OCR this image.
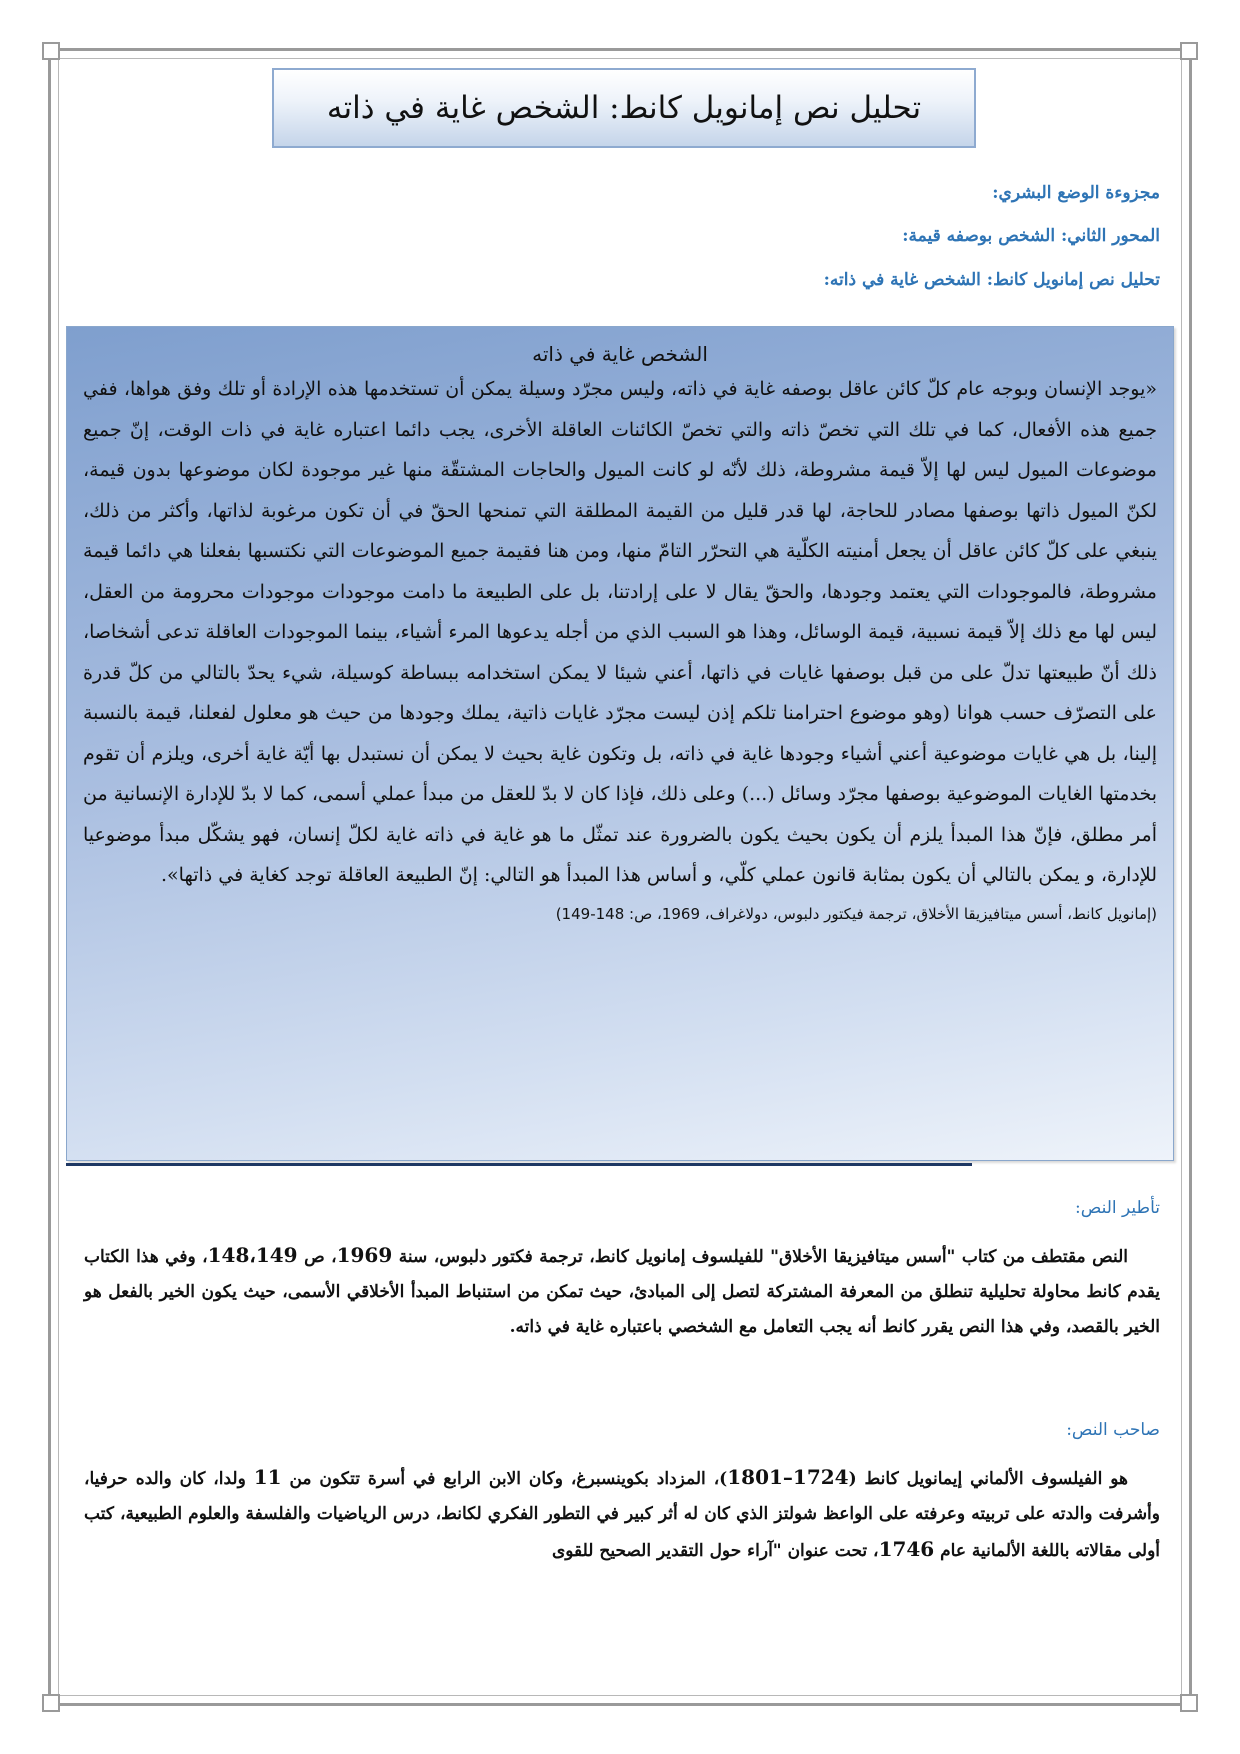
تحليل نص إمانويل كانط: الشخص غاية في ذاته
مجزوءة الوضع البشري:
المحور الثاني: الشخص بوصفه قيمة:
تحليل نص إمانويل كانط: الشخص غاية في ذاته:
الشخص غاية في ذاته
«يوجد الإنسان وبوجه عام كلّ كائن عاقل بوصفه غاية في ذاته، وليس مجرّد وسيلة يمكن أن تستخدمها هذه الإرادة أو تلك وفق هواها، ففي جميع هذه الأفعال، كما في تلك التي تخصّ ذاته والتي تخصّ الكائنات العاقلة الأخرى، يجب دائما اعتباره غاية في ذات الوقت، إنّ جميع موضوعات الميول ليس لها إلاّ قيمة مشروطة، ذلك لأنّه لو كانت الميول والحاجات المشتقّة منها غير موجودة لكان موضوعها بدون قيمة، لكنّ الميول ذاتها بوصفها مصادر للحاجة، لها قدر قليل من القيمة المطلقة التي تمنحها الحقّ في أن تكون مرغوبة لذاتها، وأكثر من ذلك، ينبغي على كلّ كائن عاقل أن يجعل أمنيته الكلّية هي التحرّر التامّ منها، ومن هنا فقيمة جميع الموضوعات التي نكتسبها بفعلنا هي دائما قيمة مشروطة، فالموجودات التي يعتمد وجودها، والحقّ يقال لا على إرادتنا، بل على الطبيعة ما دامت موجودات موجودات محرومة من العقل، ليس لها مع ذلك إلاّ قيمة نسبية، قيمة الوسائل، وهذا هو السبب الذي من أجله يدعوها المرء أشياء، بينما الموجودات العاقلة تدعى أشخاصا، ذلك أنّ طبيعتها تدلّ على من قبل بوصفها غايات في ذاتها، أعني شيئا لا يمكن استخدامه ببساطة كوسيلة، شيء يحدّ بالتالي من كلّ قدرة على التصرّف حسب هوانا (وهو موضوع احترامنا تلكم إذن ليست مجرّد غايات ذاتية، يملك وجودها من حيث هو معلول لفعلنا، قيمة بالنسبة إلينا، بل هي غايات موضوعية أعني أشياء وجودها غاية في ذاته، بل وتكون غاية بحيث لا يمكن أن نستبدل بها أيّة غاية أخرى، ويلزم أن تقوم بخدمتها الغايات الموضوعية بوصفها مجرّد وسائل (...) وعلى ذلك، فإذا كان لا بدّ للعقل من مبدأ عملي أسمى، كما لا بدّ للإدارة الإنسانية من أمر مطلق، فإنّ هذا المبدأ يلزم أن يكون بحيث يكون بالضرورة عند تمثّل ما هو غاية في ذاته غاية لكلّ إنسان، فهو يشكّل مبدأ موضوعيا للإدارة، و يمكن بالتالي أن يكون بمثابة قانون عملي كلّي، و أساس هذا المبدأ هو التالي: إنّ الطبيعة العاقلة توجد كغاية في ذاتها».
(إمانويل كانط، أسس ميتافيزيقا الأخلاق، ترجمة فيكتور دلبوس، دولاغراف، 1969، ص: 148-149)
تأطير النص:
النص مقتطف من كتاب "أسس ميتافيزيقا الأخلاق" للفيلسوف إمانويل كانط، ترجمة فكتور دلبوس، سنة 1969، ص 148،149، وفي هذا الكتاب يقدم كانط محاولة تحليلية تنطلق من المعرفة المشتركة لتصل إلى المبادئ، حيث تمكن من استنباط المبدأ الأخلاقي الأسمى، حيث يكون الخير بالفعل هو الخير بالقصد، وفي هذا النص يقرر كانط أنه يجب التعامل مع الشخصي باعتباره غاية في ذاته.
صاحب النص:
هو الفيلسوف الألماني إيمانويل كانط (1724–1801)، المزداد بكوينسبرغ، وكان الابن الرابع في أسرة تتكون من 11 ولدا، كان والده حرفيا، وأشرفت والدته على تربيته وعرفته على الواعظ شولتز الذي كان له أثر كبير في التطور الفكري لكانط، درس الرياضيات والفلسفة والعلوم الطبيعية، كتب أولى مقالاته باللغة الألمانية عام 1746، تحت عنوان "آراء حول التقدير الصحيح للقوى
